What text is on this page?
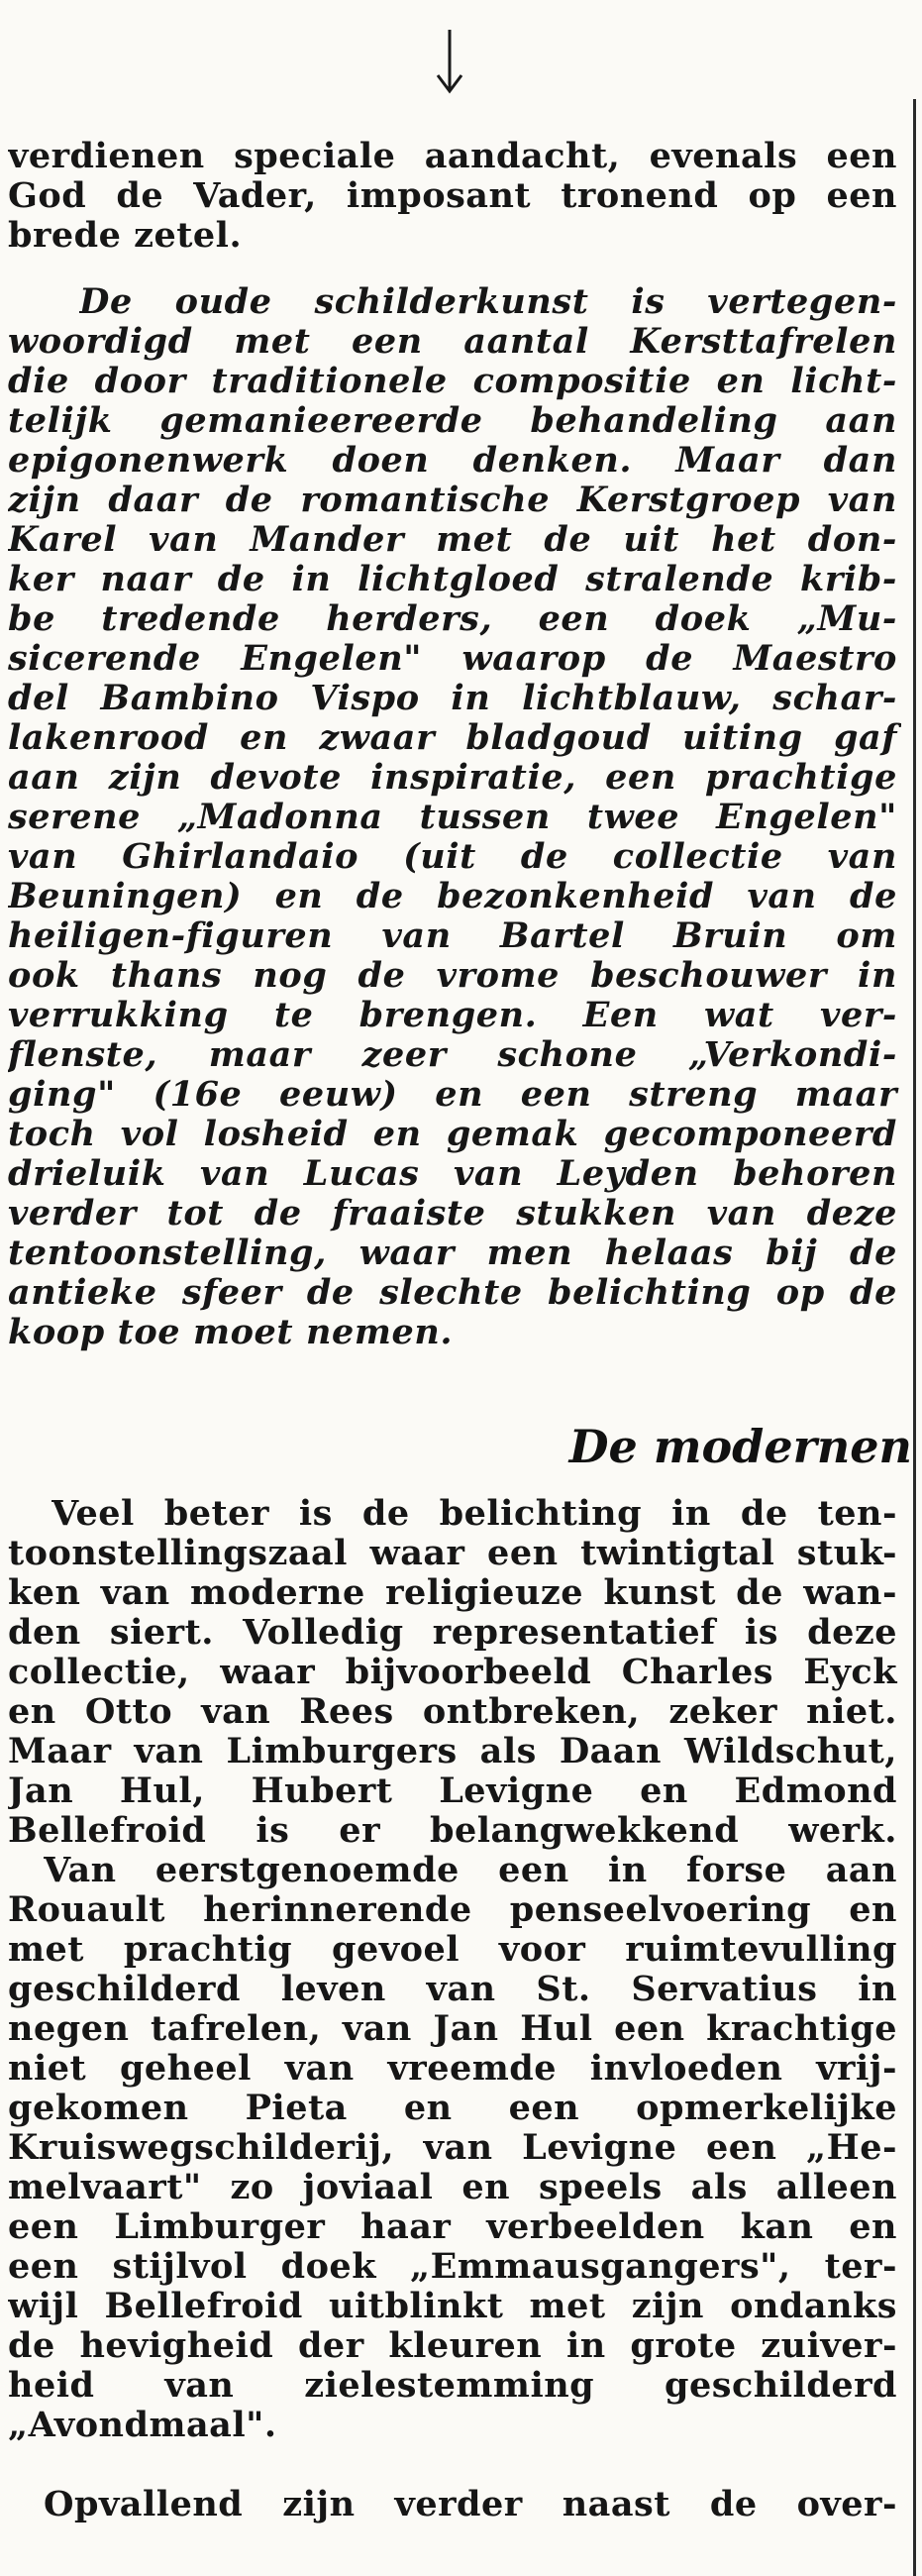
verdienen speciale aandacht, evenals een
God de Vader, imposant tronend op een
brede zetel.
De oude schilderkunst is vertegen-
woordigd met een aantal Kersttafrelen
die door traditionele compositie en licht-
telijk gemanieereerde behandeling aan
epigonenwerk doen denken. Maar dan
zijn daar de romantische Kerstgroep van
Karel van Mander met de uit het don-
ker naar de in lichtgloed stralende krib-
be tredende herders, een doek „Mu-
sicerende Engelen" waarop de Maestro
del Bambino Vispo in lichtblauw, schar-
lakenrood en zwaar bladgoud uiting gaf
aan zijn devote inspiratie, een prachtige
serene „Madonna tussen twee Engelen"
van Ghirlandaio (uit de collectie van
Beuningen) en de bezonkenheid van de
heiligen-figuren van Bartel Bruin om
ook thans nog de vrome beschouwer in
verrukking te brengen. Een wat ver-
flenste, maar zeer schone „Verkondi-
ging" (16e eeuw) en een streng maar
toch vol losheid en gemak gecomponeerd
drieluik van Lucas van Leyden behoren
verder tot de fraaiste stukken van deze
tentoonstelling, waar men helaas bij de
antieke sfeer de slechte belichting op de
koop toe moet nemen.
Veel beter is de belichting in de ten-
toonstellingszaal waar een twintigtal stuk-
ken van moderne religieuze kunst de wan-
den siert. Volledig representatief is deze
collectie, waar bijvoorbeeld Charles Eyck
en Otto van Rees ontbreken, zeker niet.
Maar van Limburgers als Daan Wildschut,
Jan Hul, Hubert Levigne en Edmond
Bellefroid is er belangwekkend werk.
Van eerstgenoemde een in forse aan
Rouault herinnerende penseelvoering en
met prachtig gevoel voor ruimtevulling
geschilderd leven van St. Servatius in
negen tafrelen, van Jan Hul een krachtige
niet geheel van vreemde invloeden vrij-
gekomen Pieta en een opmerkelijke
Kruiswegschilderij, van Levigne een „He-
melvaart" zo joviaal en speels als alleen
een Limburger haar verbeelden kan en
een stijlvol doek „Emmausgangers", ter-
wijl Bellefroid uitblinkt met zijn ondanks
de hevigheid der kleuren in grote zuiver-
heid van zielestemming geschilderd
„Avondmaal".
Opvallend zijn verder naast de over-
De modernen
